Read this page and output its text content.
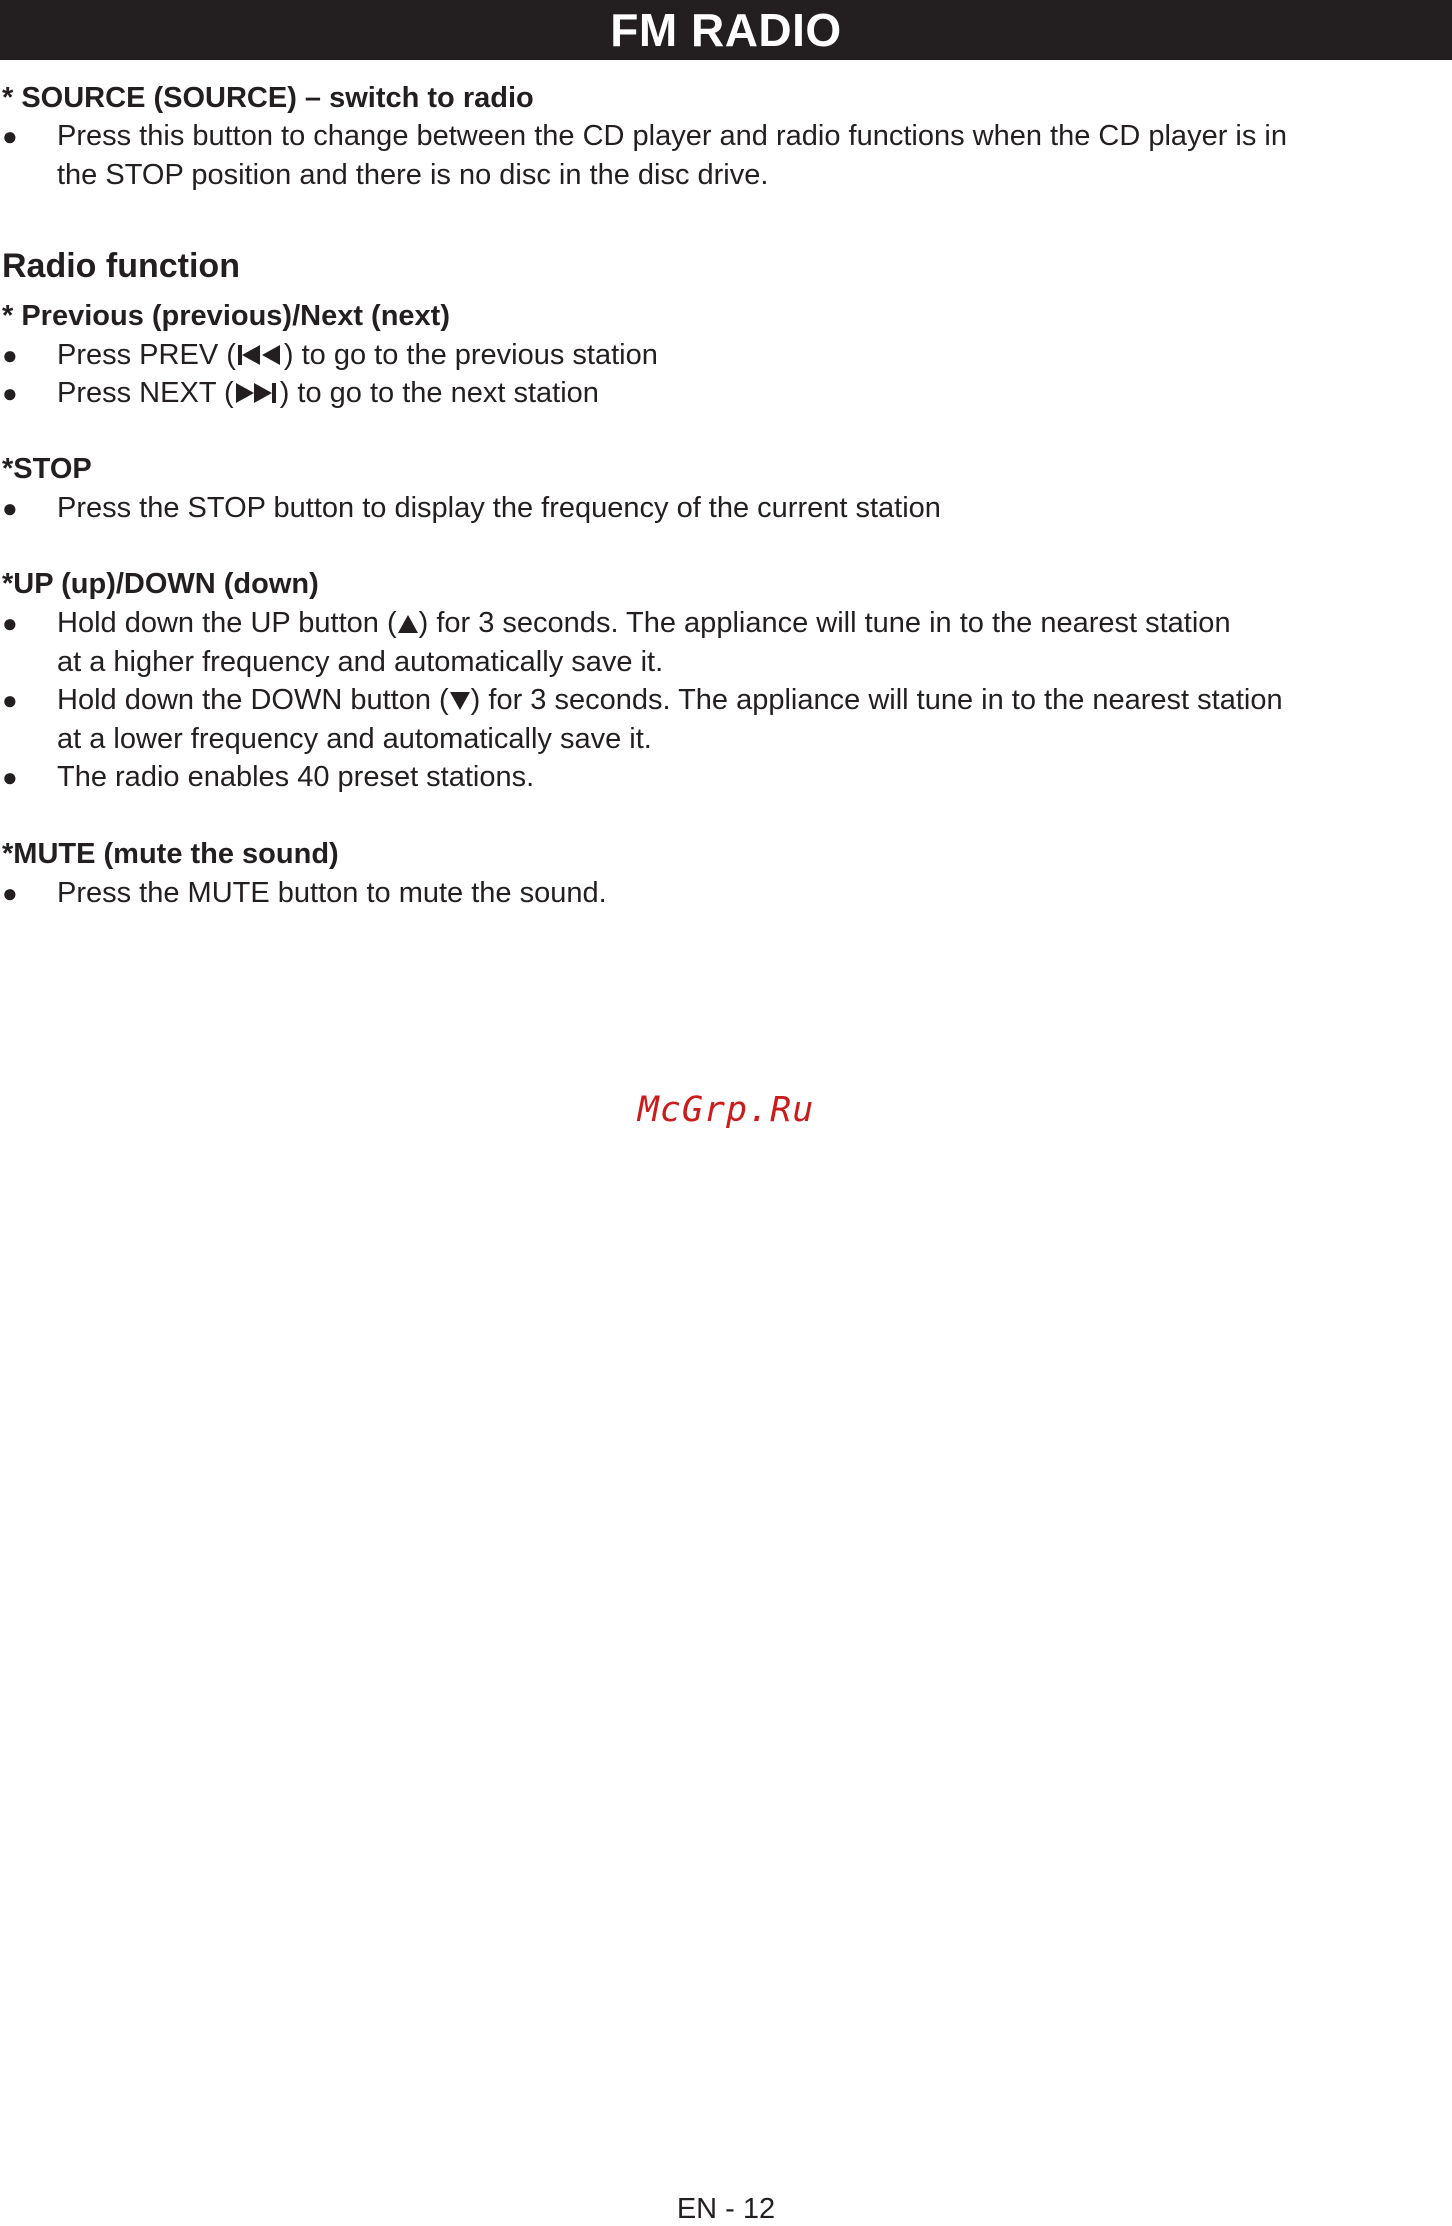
FM RADIO
* SOURCE (SOURCE) – switch to radio
● Press this button to change between the CD player and radio functions when the CD player is in
the STOP position and there is no disc in the disc drive.
Radio function
* Previous (previous)/Next (next)
● Press PREV ( ) to go to the previous station
● Press NEXT ( ) to go to the next station
*STOP
● Press the STOP button to display the frequency of the current station
*UP (up)/DOWN (down)
● Hold down the UP button ( ) for 3 seconds. The appliance will tune in to the nearest station
at a higher frequency and automatically save it.
● Hold down the DOWN button ( ) for 3 seconds. The appliance will tune in to the nearest station
at a lower frequency and automatically save it.
● The radio enables 40 preset stations.
*MUTE (mute the sound)
● Press the MUTE button to mute the sound.
McGrp.Ru
EN - 12
